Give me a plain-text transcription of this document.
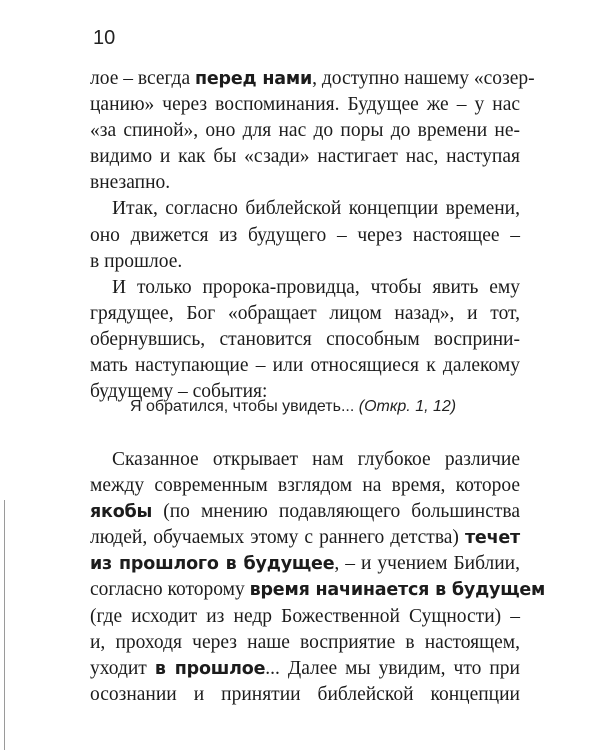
10
лое – всегда перед нами, доступно нашему «созер-
цанию» через воспоминания. Будущее же – у нас
«за спиной», оно для нас до поры до времени не-
видимо и как бы «сзади» настигает нас, наступая
внезапно.
Итак, согласно библейской концепции времени,
оно движется из будущего – через настоящее –
в прошлое.
И только пророка-провидца, чтобы явить ему
грядущее, Бог «обращает лицом назад», и тот,
обернувшись, становится способным восприни-
мать наступающие – или относящиеся к далекому
будущему – события:
Я обратился, чтобы увидеть... (Откр. 1, 12)
Сказанное открывает нам глубокое различие
между современным взглядом на время, которое
якобы (по мнению подавляющего большинства
людей, обучаемых этому с раннего детства) течет
из прошлого в будущее, – и учением Библии,
согласно которому время начинается в будущем
(где исходит из недр Божественной Сущности) –
и, проходя через наше восприятие в настоящем,
уходит в прошлое... Далее мы увидим, что при
осознании и принятии библейской концепции
